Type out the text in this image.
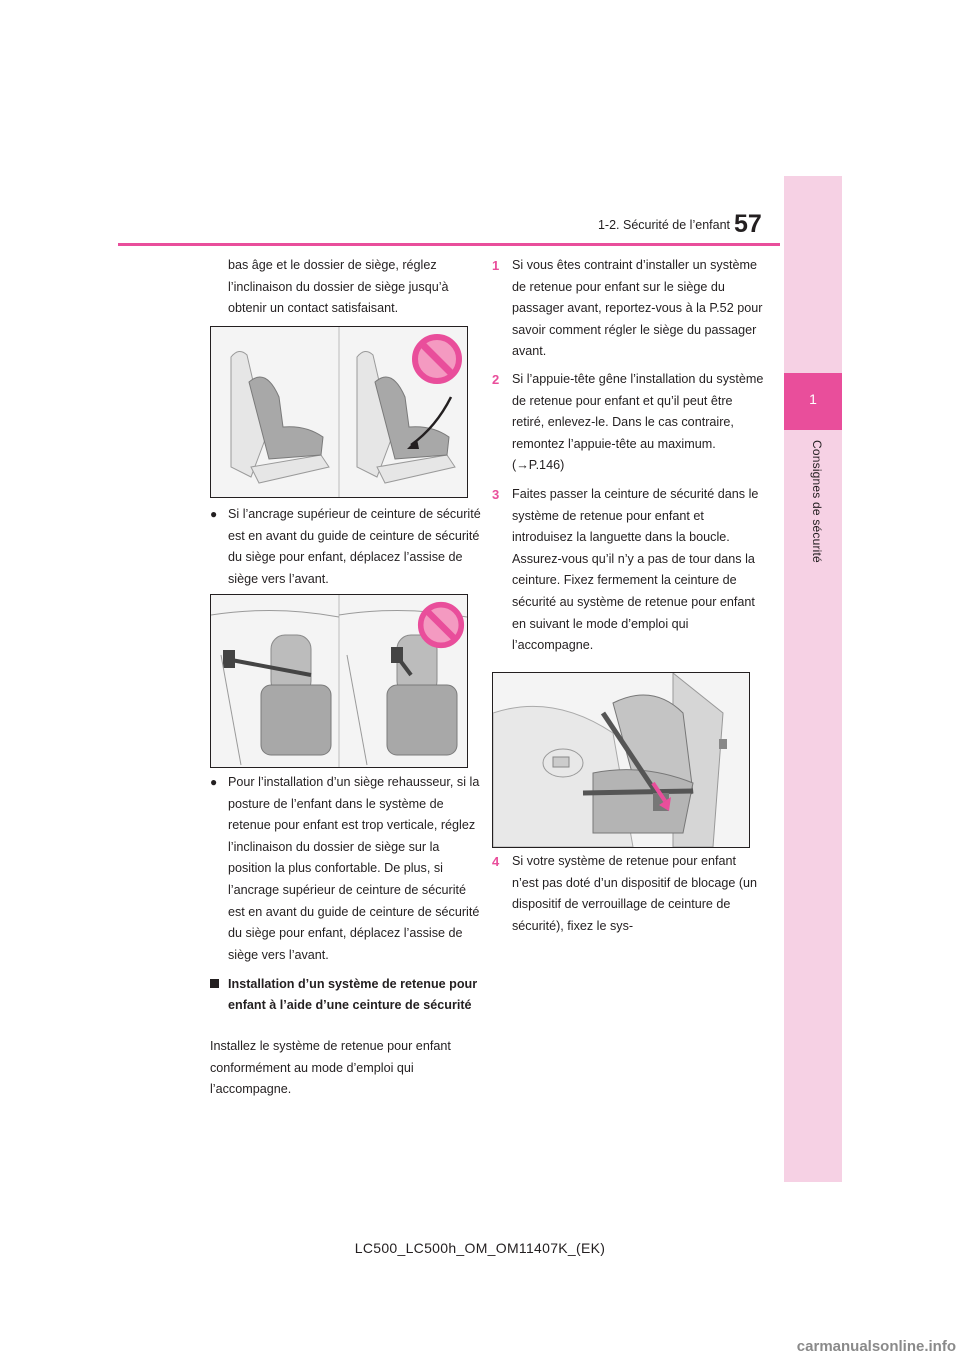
1-2. Sécurité de l’enfant 57
1
Consignes de sécurité
bas âge et le dossier de siège, réglez l’inclinaison du dossier de siège jusqu’à obtenir un contact satisfaisant.
● Si l’ancrage supérieur de ceinture de sécurité est en avant du guide de ceinture de sécurité du siège pour enfant, déplacez l’assise de siège vers l’avant.
● Pour l’installation d’un siège rehausseur, si la posture de l’enfant dans le système de retenue pour enfant est trop verticale, réglez l’inclinaison du dossier de siège sur la position la plus confortable. De plus, si l’ancrage supérieur de ceinture de sécurité est en avant du guide de ceinture de sécurité du siège pour enfant, déplacez l’assise de siège vers l’avant.
Installation d’un système de retenue pour enfant à l’aide d’une ceinture de sécurité
Installez le système de retenue pour enfant conformément au mode d’emploi qui l’accompagne.
1 Si vous êtes contraint d’installer un système de retenue pour enfant sur le siège du passager avant, reportez-vous à la P.52 pour savoir comment régler le siège du passager avant.
2 Si l’appuie-tête gêne l’installation du système de retenue pour enfant et qu’il peut être retiré, enlevez-le. Dans le cas contraire, remontez l’appuie-tête au maximum. (→P.146)
3 Faites passer la ceinture de sécurité dans le système de retenue pour enfant et introduisez la languette dans la boucle. Assurez-vous qu’il n’y a pas de tour dans la ceinture. Fixez fermement la ceinture de sécurité au système de retenue pour enfant en suivant le mode d’emploi qui l’accompagne.
4 Si votre système de retenue pour enfant n’est pas doté d’un dispositif de blocage (un dispositif de verrouillage de ceinture de sécurité), fixez le sys-
LC500_LC500h_OM_OM11407K_(EK)
carmanualsonline.info
